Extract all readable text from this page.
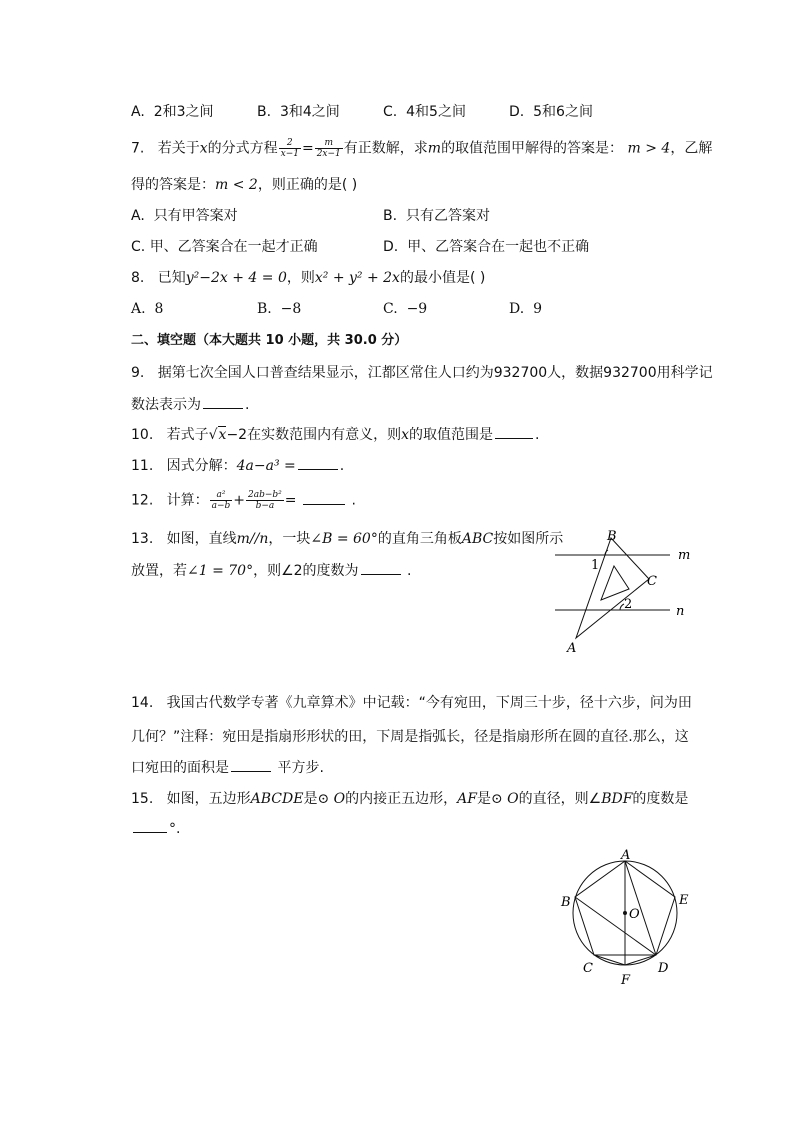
A. 2和3之间	B. 3和4之间	C. 4和5之间	D. 5和6之间
7. 若关于x的分式方程 $\frac{2}{x-1} = \frac{m}{2x-1}$ 有正数解，求m的取值范围甲解得的答案是： m > 4，乙解
得的答案是：m < 2，则正确的是( )
A. 只有甲答案对	B. 只有乙答案对
C. 甲、乙答案合在一起才正确	D. 甲、乙答案合在一起也不正确
8. 已知y²−2x + 4 = 0，则x² + y² + 2x的最小值是( )
A. 8	B. −8	C. −9	D. 9
二、填空题（本大题共 10 小题，共 30.0 分）
9. 据第七次全国人口普查结果显示，江都区常住人口约为932700人，数据932700用科学记
数法表示为	.
10. 若式子√x−2在实数范围内有意义，则x的取值范围是	.
11. 因式分解：4a−a³ =	.
12. 计算： $\frac{\text{a²}}{a-b} + \frac{\text{2ab−b²}}{b-a}$ =	.
13. 如图，直线m//n，一块∠B = 60°的直角三角板ABC按如图所示
放置，若∠1 = 70°，则∠2的度数为	.
B
m
1
C
2	n
A
14. 我国古代数学专著《九章算术》中记载：“今有宛田，下周三十步，径十六步，问为田
几何？”注释：宛田是指扇形形状的田，下周是指弧长，径是指扇形所在圆的直径.那么，这
口宛田的面积是	平方步.
15. 如图，五边形ABCDE是⊙ O的内接正五边形，AF是⊙ O的直径，则∠BDF的度数是
°.
A
B	E
O
C	D
F
